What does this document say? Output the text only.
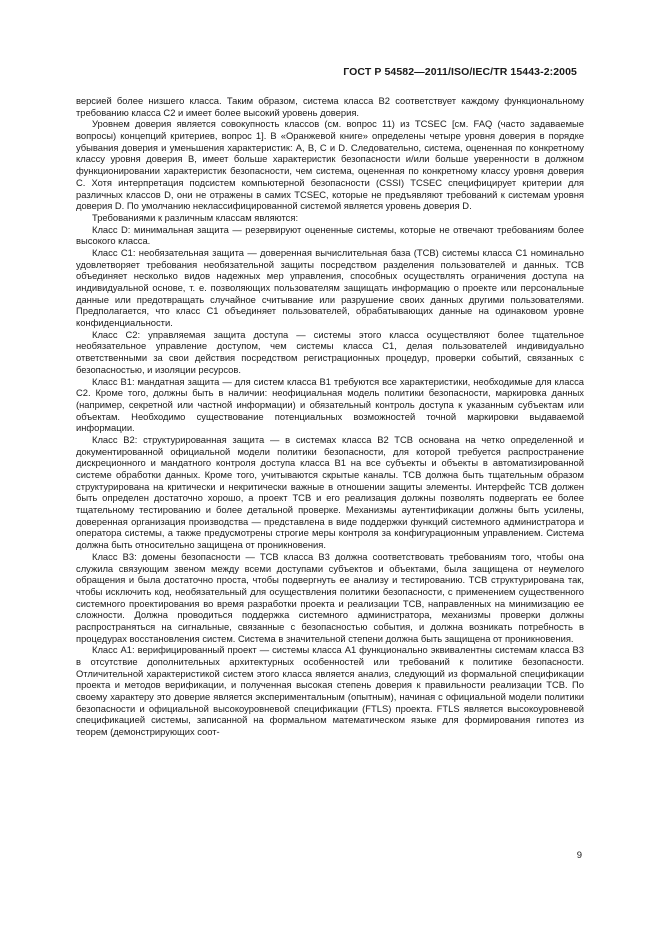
ГОСТ Р 54582—2011/ISO/IEC/TR 15443-2:2005

версией более низшего класса. Таким образом, система класса В2 соответствует каждому функциональному требованию класса С2 и имеет более высокий уровень доверия.

Уровнем доверия является совокупность классов (см. вопрос 11) из TCSEC [см. FAQ (часто задаваемые вопросы) концепций критериев, вопрос 1]. В «Оранжевой книге» определены четыре уровня доверия в порядке убывания доверия и уменьшения характеристик: A, B, C и D. Следовательно, система, оцененная по конкретному классу уровня доверия В, имеет больше характеристик безопасности и/или больше уверенности в должном функционировании характеристик безопасности, чем система, оцененная по конкретному классу уровня доверия С. Хотя интерпретация подсистем компьютерной безопасности (CSSI) TCSEC специфицирует критерии для различных классов D, они не отражены в самих TCSEC, которые не предъявляют требований к системам уровня доверия D. По умолчанию неклассифицированной системой является уровень доверия D.

Требованиями к различным классам являются:

Класс D: минимальная защита — резервируют оцененные системы, которые не отвечают требованиям более высокого класса.

Класс C1: необязательная защита — доверенная вычислительная база (TCB) системы класса C1 номинально удовлетворяет требования необязательной защиты посредством разделения пользователей и данных. TCB объединяет несколько видов надежных мер управления, способных осуществлять ограничения доступа на индивидуальной основе, т. е. позволяющих пользователям защищать информацию о проекте или персональные данные или предотвращать случайное считывание или разрушение своих данных другими пользователями. Предполагается, что класс C1 объединяет пользователей, обрабатывающих данные на одинаковом уровне конфиденциальности.

Класс C2: управляемая защита доступа — системы этого класса осуществляют более тщательное необязательное управление доступом, чем системы класса C1, делая пользователей индивидуально ответственными за свои действия посредством регистрационных процедур, проверки событий, связанных с безопасностью, и изоляции ресурсов.

Класс B1: мандатная защита — для систем класса B1 требуются все характеристики, необходимые для класса C2. Кроме того, должны быть в наличии: неофициальная модель политики безопасности, маркировка данных (например, секретной или частной информации) и обязательный контроль доступа к указанным субъектам или объектам. Необходимо существование потенциальных возможностей точной маркировки выдаваемой информации.

Класс B2: структурированная защита — в системах класса B2 TCB основана на четко определенной и документированной официальной модели политики безопасности, для которой требуется распространение дискреционного и мандатного контроля доступа класса B1 на все субъекты и объекты в автоматизированной системе обработки данных. Кроме того, учитываются скрытые каналы. TCB должна быть тщательным образом структурирована на критически и некритически важные в отношении защиты элементы. Интерфейс TCB должен быть определен достаточно хорошо, а проект TCB и его реализация должны позволять подвергать ее более тщательному тестированию и более детальной проверке. Механизмы аутентификации должны быть усилены, доверенная организация производства — представлена в виде поддержки функций системного администратора и оператора системы, а также предусмотрены строгие меры контроля за конфигурационным управлением. Система должна быть относительно защищена от проникновения.

Класс B3: домены безопасности — TCB класса B3 должна соответствовать требованиям того, чтобы она служила связующим звеном между всеми доступами субъектов и объектами, была защищена от неумелого обращения и была достаточно проста, чтобы подвергнуть ее анализу и тестированию. TCB структурирована так, чтобы исключить код, необязательный для осуществления политики безопасности, с применением существенного системного проектирования во время разработки проекта и реализации TCB, направленных на минимизацию ее сложности. Должна проводиться поддержка системного администратора, механизмы проверки должны распространяться на сигнальные, связанные с безопасностью события, и должна возникать потребность в процедурах восстановления систем. Система в значительной степени должна быть защищена от проникновения.

Класс A1: верифицированный проект — системы класса A1 функционально эквивалентны системам класса B3 в отсутствие дополнительных архитектурных особенностей или требований к политике безопасности. Отличительной характеристикой систем этого класса является анализ, следующий из формальной спецификации проекта и методов верификации, и полученная высокая степень доверия к правильности реализации TCB. По своему характеру это доверие является экспериментальным (опытным), начиная с официальной модели политики безопасности и официальной высокоуровневой спецификации (FTLS) проекта. FTLS является высокоуровневой спецификацией системы, записанной на формальном математическом языке для формирования гипотез из теорем (демонстрирующих соот-

9
